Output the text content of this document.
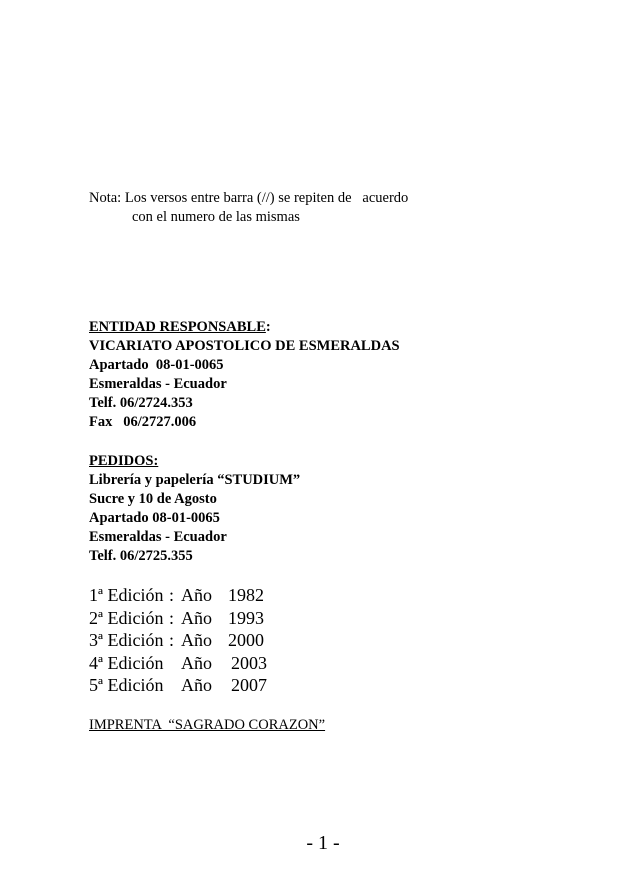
Nota: Los versos entre barra (//) se repiten de   acuerdo
con el numero de las mismas
ENTIDAD RESPONSABLE:
VICARIATO APOSTOLICO DE ESMERALDAS
Apartado  08-01-0065
Esmeraldas - Ecuador
Telf. 06/2724.353
Fax   06/2727.006
PEDIDOS:
Librería y papelería “STUDIUM”
Sucre y 10 de Agosto
Apartado 08-01-0065
Esmeraldas - Ecuador
Telf. 06/2725.355
1ª Edición : Año 1982
2ª Edición : Año 1993
3ª Edición : Año 2000
4ª Edición Año 2003
5ª Edición Año 2007
IMPRENTA  “SAGRADO CORAZON”
- 1 -
